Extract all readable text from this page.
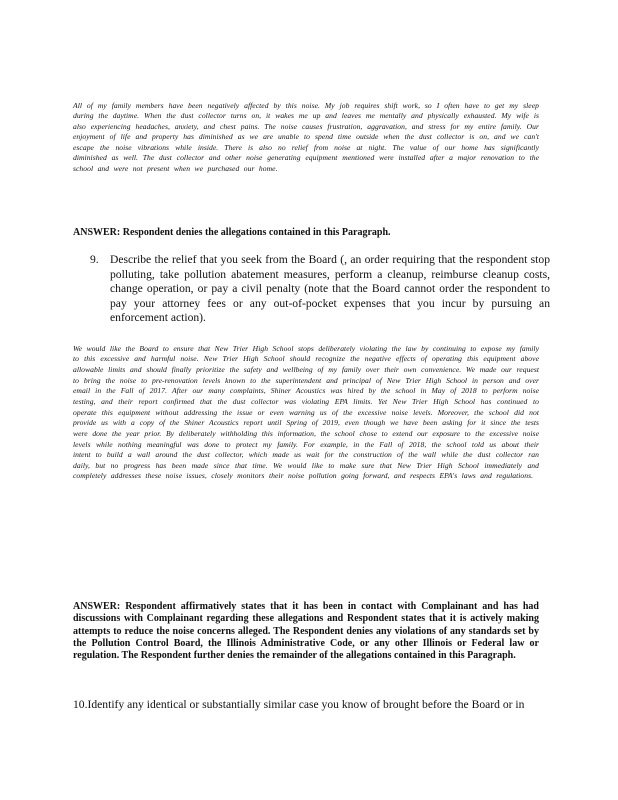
All of my family members have been negatively affected by this noise. My job requires shift work, so I often have to get my sleep during the daytime. When the dust collector turns on, it wakes me up and leaves me mentally and physically exhausted. My wife is also experiencing headaches, anxiety, and chest pains. The noise causes frustration, aggravation, and stress for my entire family. Our enjoyment of life and property has diminished as we are unable to spend time outside when the dust collector is on, and we can't escape the noise vibrations while inside. There is also no relief from noise at night. The value of our home has significantly diminished as well. The dust collector and other noise generating equipment mentioned were installed after a major renovation to the school and were not present when we purchased our home.

ANSWER: Respondent denies the allegations contained in this Paragraph.
9. Describe the relief that you seek from the Board (, an order requiring that the respondent stop polluting, take pollution abatement measures, perform a cleanup, reimburse cleanup costs, change operation, or pay a civil penalty (note that the Board cannot order the respondent to pay your attorney fees or any out-of-pocket expenses that you incur by pursuing an enforcement action).

We would like the Board to ensure that New Trier High School stops deliberately violating the law by continuing to expose my family to this excessive and harmful noise. New Trier High School should recognize the negative effects of operating this equipment above allowable limits and should finally prioritize the safety and wellbeing of my family over their own convenience. We made our request to bring the noise to pre-renovation levels known to the superintendent and principal of New Trier High School in person and over email in the Fall of 2017. After our many complaints, Shiner Acoustics was hired by the school in May of 2018 to perform noise testing, and their report confirmed that the dust collector was violating EPA limits. Yet New Trier High School has continued to operate this equipment without addressing the issue or even warning us of the excessive noise levels. Moreover, the school did not provide us with a copy of the Shiner Acoustics report until Spring of 2019, even though we have been asking for it since the tests were done the year prior. By deliberately withholding this information, the school chose to extend our exposure to the excessive noise levels while nothing meaningful was done to protect my family. For example, in the Fall of 2018, the school told us about their intent to build a wall around the dust collector, which made us wait for the construction of the wall while the dust collector ran daily, but no progress has been made since that time. We would like to make sure that New Trier High School immediately and completely addresses these noise issues, closely monitors their noise pollution going forward, and respects EPA's laws and regulations.

ANSWER: Respondent affirmatively states that it has been in contact with Complainant and has had discussions with Complainant regarding these allegations and Respondent states that it is actively making attempts to reduce the noise concerns alleged. The Respondent denies any violations of any standards set by the Pollution Control Board, the Illinois Administrative Code, or any other Illinois or Federal law or regulation. The Respondent further denies the remainder of the allegations contained in this Paragraph.
10.Identify any identical or substantially similar case you know of brought before the Board or in
